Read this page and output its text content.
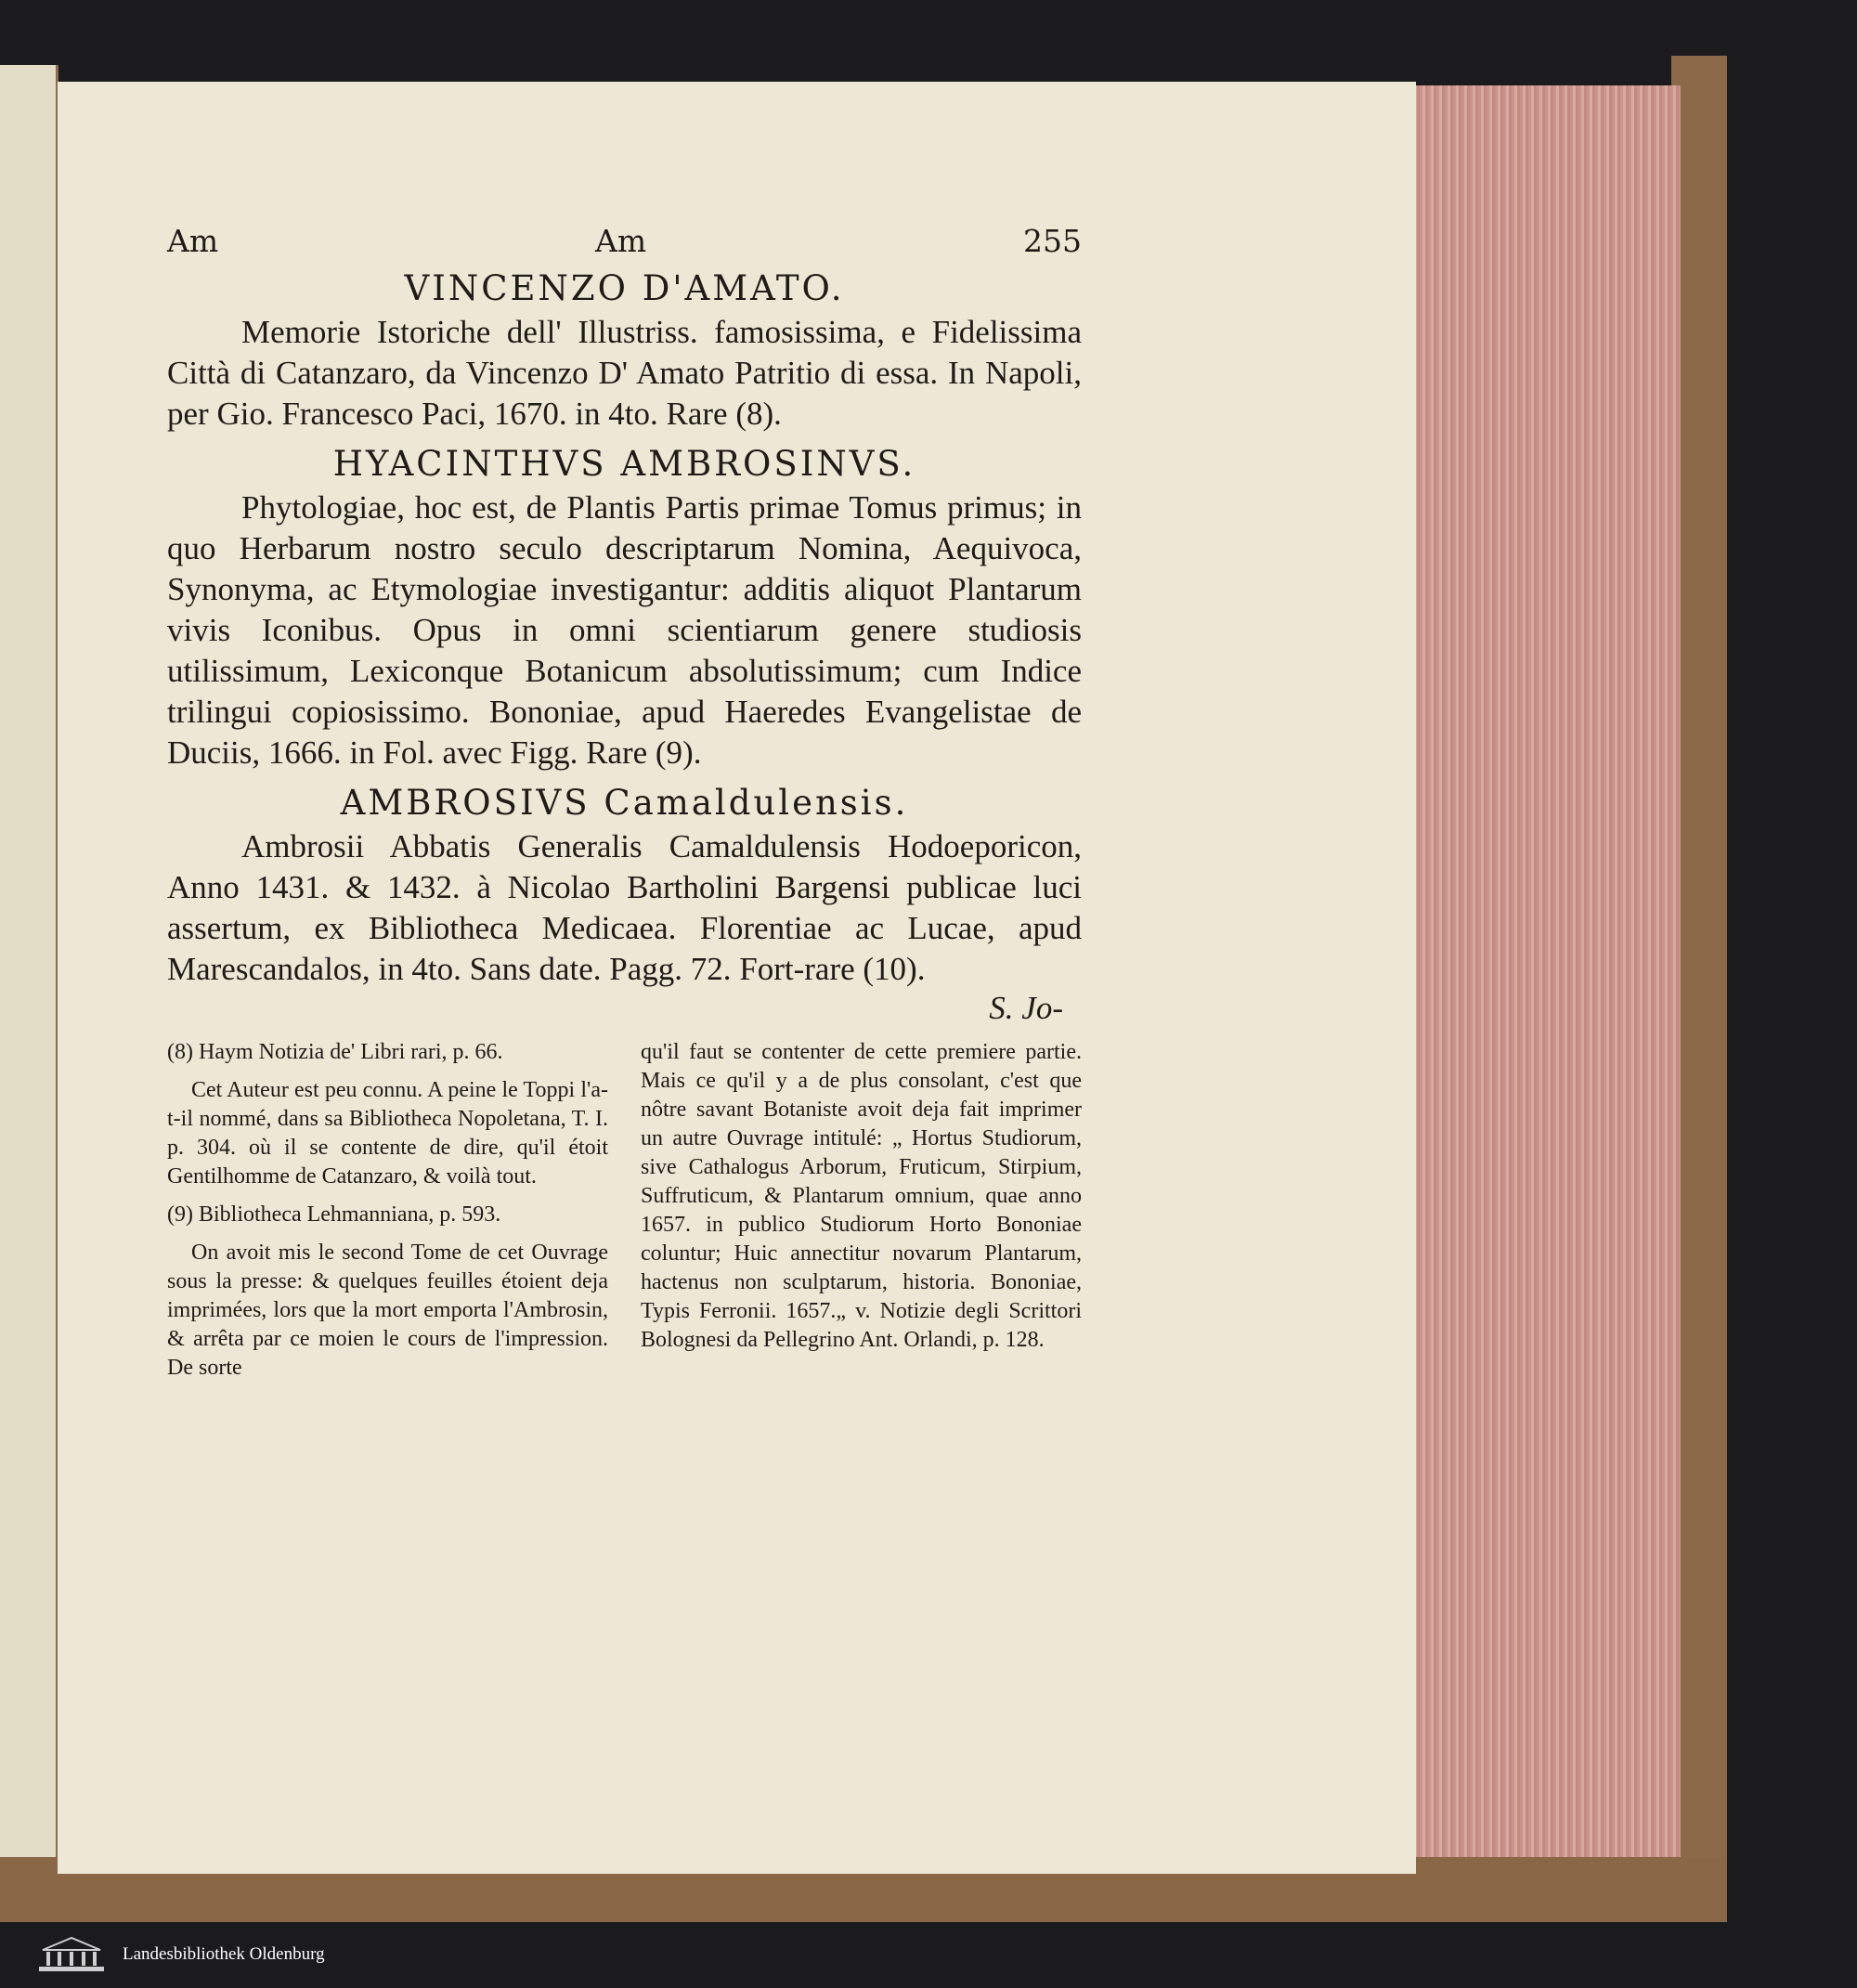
Am	Am	255
VINCENZO D'AMATO.

Memorie Istoriche dell' Illustriss. famosissima, e Fidelissima Città di Catanzaro, da Vincenzo D' Amato Patritio di essa. In Napoli, per Gio. Francesco Paci, 1670. in 4to. Rare (8).

HYACINTHVS AMBROSINVS.

Phytologiae, hoc est, de Plantis Partis primae Tomus primus; in quo Herbarum nostro seculo descriptarum Nomina, Aequivoca, Synonyma, ac Etymologiae investigantur: additis aliquot Plantarum vivis Iconibus. Opus in omni scientiarum genere studiosis utilissimum, Lexiconque Botanicum absolutissimum; cum Indice trilingui copiosissimo. Bononiae, apud Haeredes Evangelistae de Duciis, 1666. in Fol. avec Figg. Rare (9).

AMBROSIVS Camaldulensis.

Ambrosii Abbatis Generalis Camaldulensis Hodoeporicon, Anno 1431. & 1432. à Nicolao Bartholini Bargensi publicae luci assertum, ex Bibliotheca Medicaea. Florentiae ac Lucae, apud Marescandalos, in 4to. Sans date. Pagg. 72. Fort-rare (10).

S. Jo-

(8) Haym Notizia de' Libri rari, p. 66.

Cet Auteur est peu connu. A peine le Toppi l'a-t-il nommé, dans sa Bibliotheca Nopoletana, T. I. p. 304. où il se contente de dire, qu'il étoit Gentilhomme de Catanzaro, & voilà tout.

(9) Bibliotheca Lehmanniana, p. 593.

On avoit mis le second Tome de cet Ouvrage sous la presse: & quelques feuilles étoient deja imprimées, lors que la mort emporta l'Ambrosin, & arrêta par ce moien le cours de l'impression. De sorte

qu'il faut se contenter de cette premiere partie. Mais ce qu'il y a de plus consolant, c'est que nôtre savant Botaniste avoit deja fait imprimer un autre Ouvrage intitulé: „ Hortus Studiorum, sive Cathalogus Arborum, Fruticum, Stirpium, Suffruticum, & Plantarum omnium, quae anno 1657. in publico Studiorum Horto Bononiae coluntur; Huic annectitur novarum Plantarum, hactenus non sculptarum, historia. Bononiae, Typis Ferronii. 1657.„ v. Notizie degli Scrittori Bolognesi da Pellegrino Ant. Orlandi, p. 128.

Landesbibliothek Oldenburg
